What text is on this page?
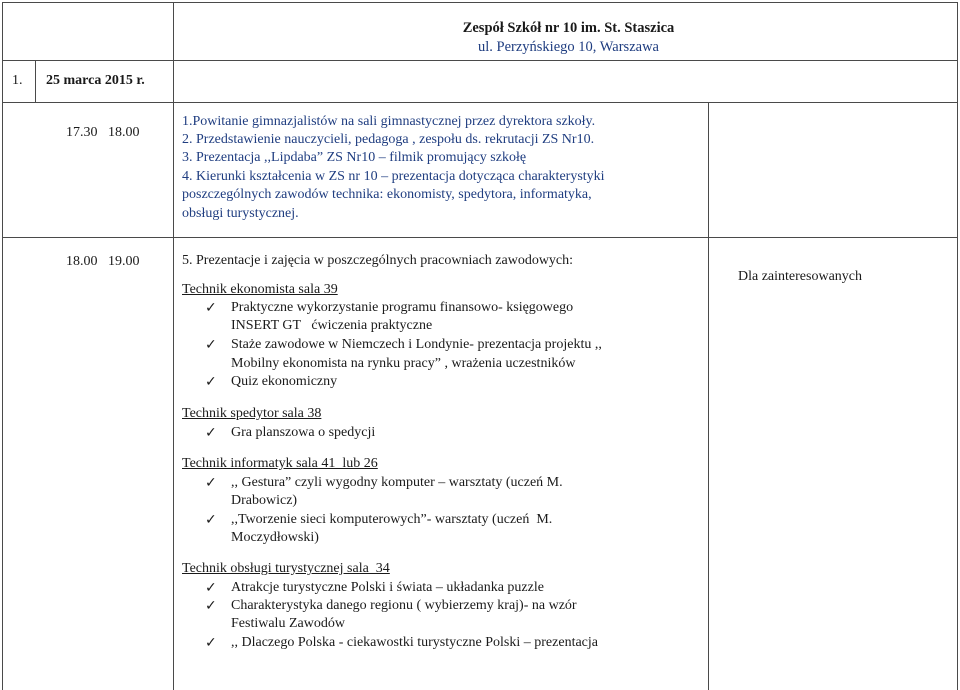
Zespół Szkół nr 10 im. St. Staszica
ul. Perzyńskiego 10, Warszawa
1. 25 marca 2015 r.
17.30   18.00
1.Powitanie gimnazjalistów na sali gimnastycznej przez dyrektora szkoły.
2. Przedstawienie nauczycieli, pedagoga , zespołu ds. rekrutacji ZS Nr10.
3. Prezentacja ,,Lipdaba” ZS Nr10 – filmik promujący szkołę
4. Kierunki kształcenia w ZS nr 10 – prezentacja dotycząca charakterystyki
poszczególnych zawodów technika: ekonomisty, spedytora, informatyka,
obsługi turystycznej.
18.00   19.00	5. Prezentacje i zajęcia w poszczególnych pracowniach zawodowych:
Dla zainteresowanych
Technik ekonomista sala 39
✓ Praktyczne wykorzystanie programu finansowo- księgowego
INSERT GT   ćwiczenia praktyczne
✓ Staże zawodowe w Niemczech i Londynie- prezentacja projektu ,,
Mobilny ekonomista na rynku pracy” , wrażenia uczestników
✓ Quiz ekonomiczny
Technik spedytor sala 38
✓ Gra planszowa o spedycji
Technik informatyk sala 41  lub 26
✓ ,, Gestura” czyli wygodny komputer – warsztaty (uczeń M.
Drabowicz)
✓ ,,Tworzenie sieci komputerowych”- warsztaty (uczeń  M.
Moczydłowski)
Technik obsługi turystycznej sala  34
✓ Atrakcje turystyczne Polski i świata – układanka puzzle
✓ Charakterystyka danego regionu ( wybierzemy kraj)- na wzór
Festiwalu Zawodów
✓ ,, Dlaczego Polska - ciekawostki turystyczne Polski – prezentacja
